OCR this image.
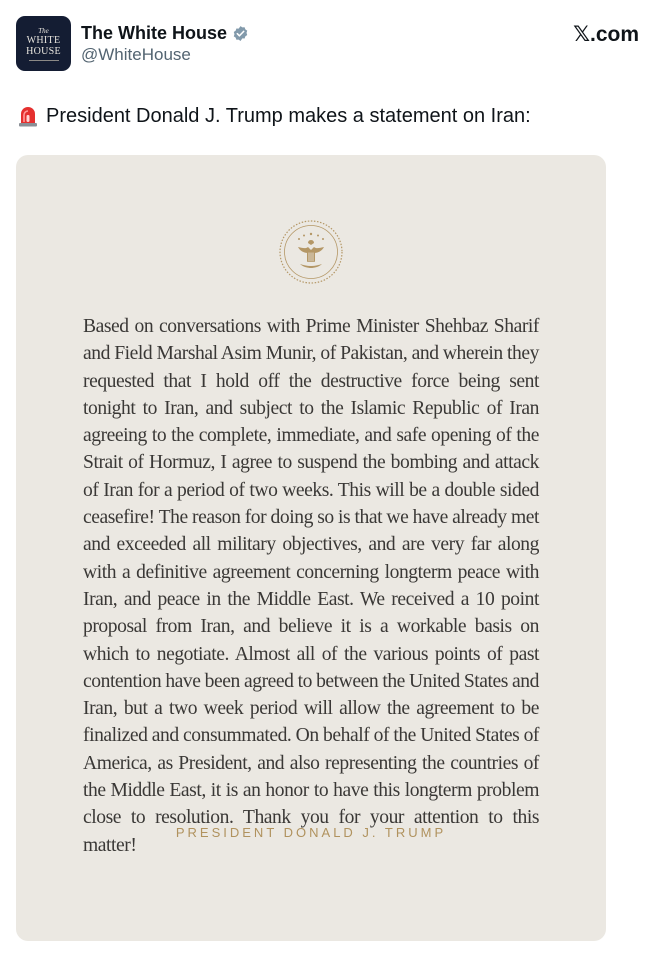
The
WHITE
HOUSE
The White House
@WhiteHouse
𝕏.com
President Donald J. Trump makes a statement on Iran:
Based on conversations with Prime Minister Shehbaz Sharif and Field Marshal Asim Munir, of Pakistan, and wherein they requested that I hold off the destructive force being sent tonight to Iran, and subject to the Islamic Republic of Iran agreeing to the complete, immediate, and safe opening of the Strait of Hormuz, I agree to suspend the bombing and attack of Iran for a period of two weeks. This will be a double sided ceasefire! The reason for doing so is that we have already met and exceeded all military objectives, and are very far along with a definitive agreement concerning longterm peace with Iran, and peace in the Middle East. We received a 10 point proposal from Iran, and believe it is a workable basis on which to negotiate. Almost all of the various points of past contention have been agreed to between the United States and Iran, but a two week period will allow the agreement to be finalized and consummated. On behalf of the United States of America, as President, and also representing the countries of the Middle East, it is an honor to have this longterm problem close to resolution. Thank you for your attention to this matter!
PRESIDENT DONALD J. TRUMP
